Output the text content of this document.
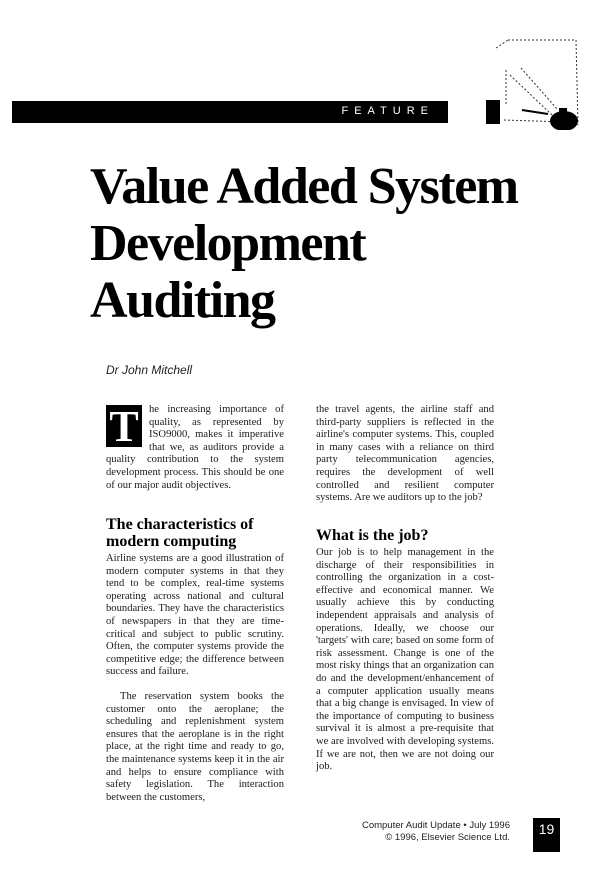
FEATURE
Value Added System
Development
Auditing
Dr John Mitchell
T he increasing importance of quality, as represented by ISO9000, makes it imperative that we, as auditors provide a quality contribution to the system development process. This should be one of our major audit objectives.

the travel agents, the airline staff and third-party suppliers is reflected in the airline's computer systems. This, coupled in many cases with a reliance on third party telecommunication agencies, requires the development of well controlled and resilient computer systems. Are we auditors up to the job?

The characteristics of modern computing

Airline systems are a good illustration of modern computer systems in that they tend to be complex, real-time systems operating across national and cultural boundaries. They have the characteristics of newspapers in that they are time-critical and subject to public scrutiny. Often, the computer systems provide the competitive edge; the difference between success and failure.

The reservation system books the customer onto the aeroplane; the scheduling and replenishment system ensures that the aeroplane is in the right place, at the right time and ready to go, the maintenance systems keep it in the air and helps to ensure compliance with safety legislation. The interaction between the customers,

What is the job?

Our job is to help management in the discharge of their responsibilities in controlling the organization in a cost-effective and economical manner. We usually achieve this by conducting independent appraisals and analysis of operations. Ideally, we choose our 'targets' with care; based on some form of risk assessment. Change is one of the most risky things that an organization can do and the development/enhancement of a computer application usually means that a big change is envisaged. In view of the importance of computing to business survival it is almost a pre-requisite that we are involved with developing systems. If we are not, then we are not doing our job.

Computer Audit Update • July 1996
© 1996, Elsevier Science Ltd.
19
